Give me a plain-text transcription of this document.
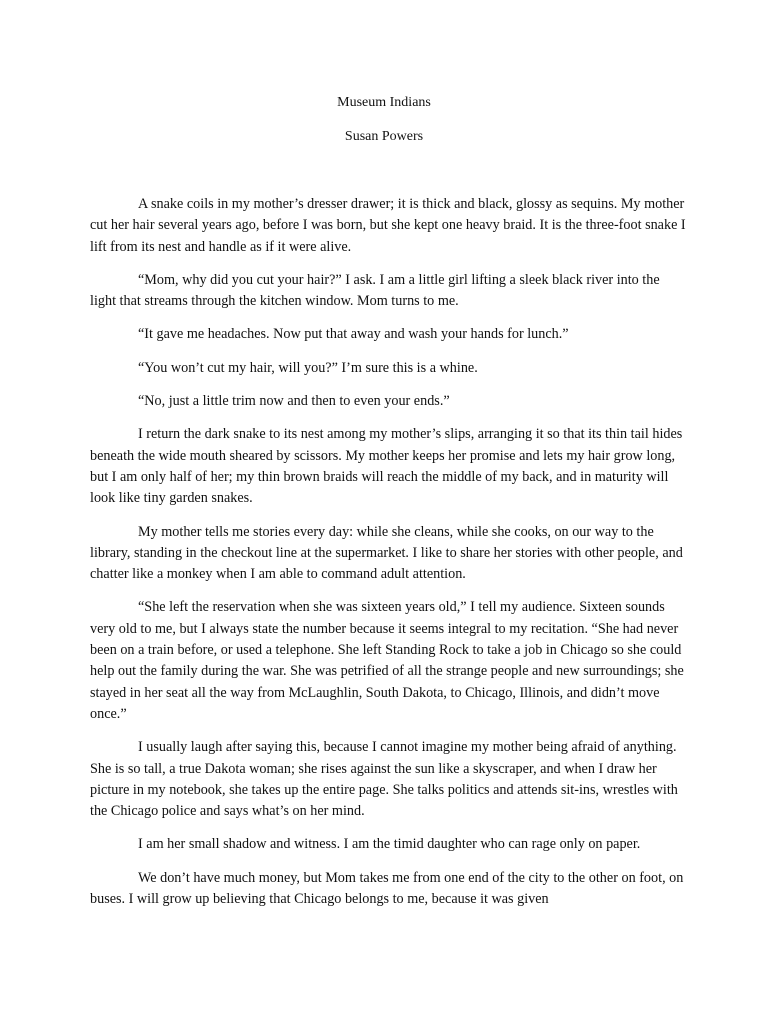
Museum Indians

Susan Powers

A snake coils in my mother’s dresser drawer; it is thick and black, glossy as sequins. My mother cut her hair several years ago, before I was born, but she kept one heavy braid. It is the three-foot snake I lift from its nest and handle as if it were alive.

“Mom, why did you cut your hair?” I ask. I am a little girl lifting a sleek black river into the light that streams through the kitchen window. Mom turns to me.

“It gave me headaches. Now put that away and wash your hands for lunch.”

“You won’t cut my hair, will you?” I’m sure this is a whine.

“No, just a little trim now and then to even your ends.”

I return the dark snake to its nest among my mother’s slips, arranging it so that its thin tail hides beneath the wide mouth sheared by scissors. My mother keeps her promise and lets my hair grow long, but I am only half of her; my thin brown braids will reach the middle of my back, and in maturity will look like tiny garden snakes.

My mother tells me stories every day: while she cleans, while she cooks, on our way to the library, standing in the checkout line at the supermarket. I like to share her stories with other people, and chatter like a monkey when I am able to command adult attention.

“She left the reservation when she was sixteen years old,” I tell my audience. Sixteen sounds very old to me, but I always state the number because it seems integral to my recitation. “She had never been on a train before, or used a telephone. She left Standing Rock to take a job in Chicago so she could help out the family during the war. She was petrified of all the strange people and new surroundings; she stayed in her seat all the way from McLaughlin, South Dakota, to Chicago, Illinois, and didn’t move once.”

I usually laugh after saying this, because I cannot imagine my mother being afraid of anything. She is so tall, a true Dakota woman; she rises against the sun like a skyscraper, and when I draw her picture in my notebook, she takes up the entire page. She talks politics and attends sit-ins, wrestles with the Chicago police and says what’s on her mind.

I am her small shadow and witness. I am the timid daughter who can rage only on paper.

We don’t have much money, but Mom takes me from one end of the city to the other on foot, on buses. I will grow up believing that Chicago belongs to me, because it was given
